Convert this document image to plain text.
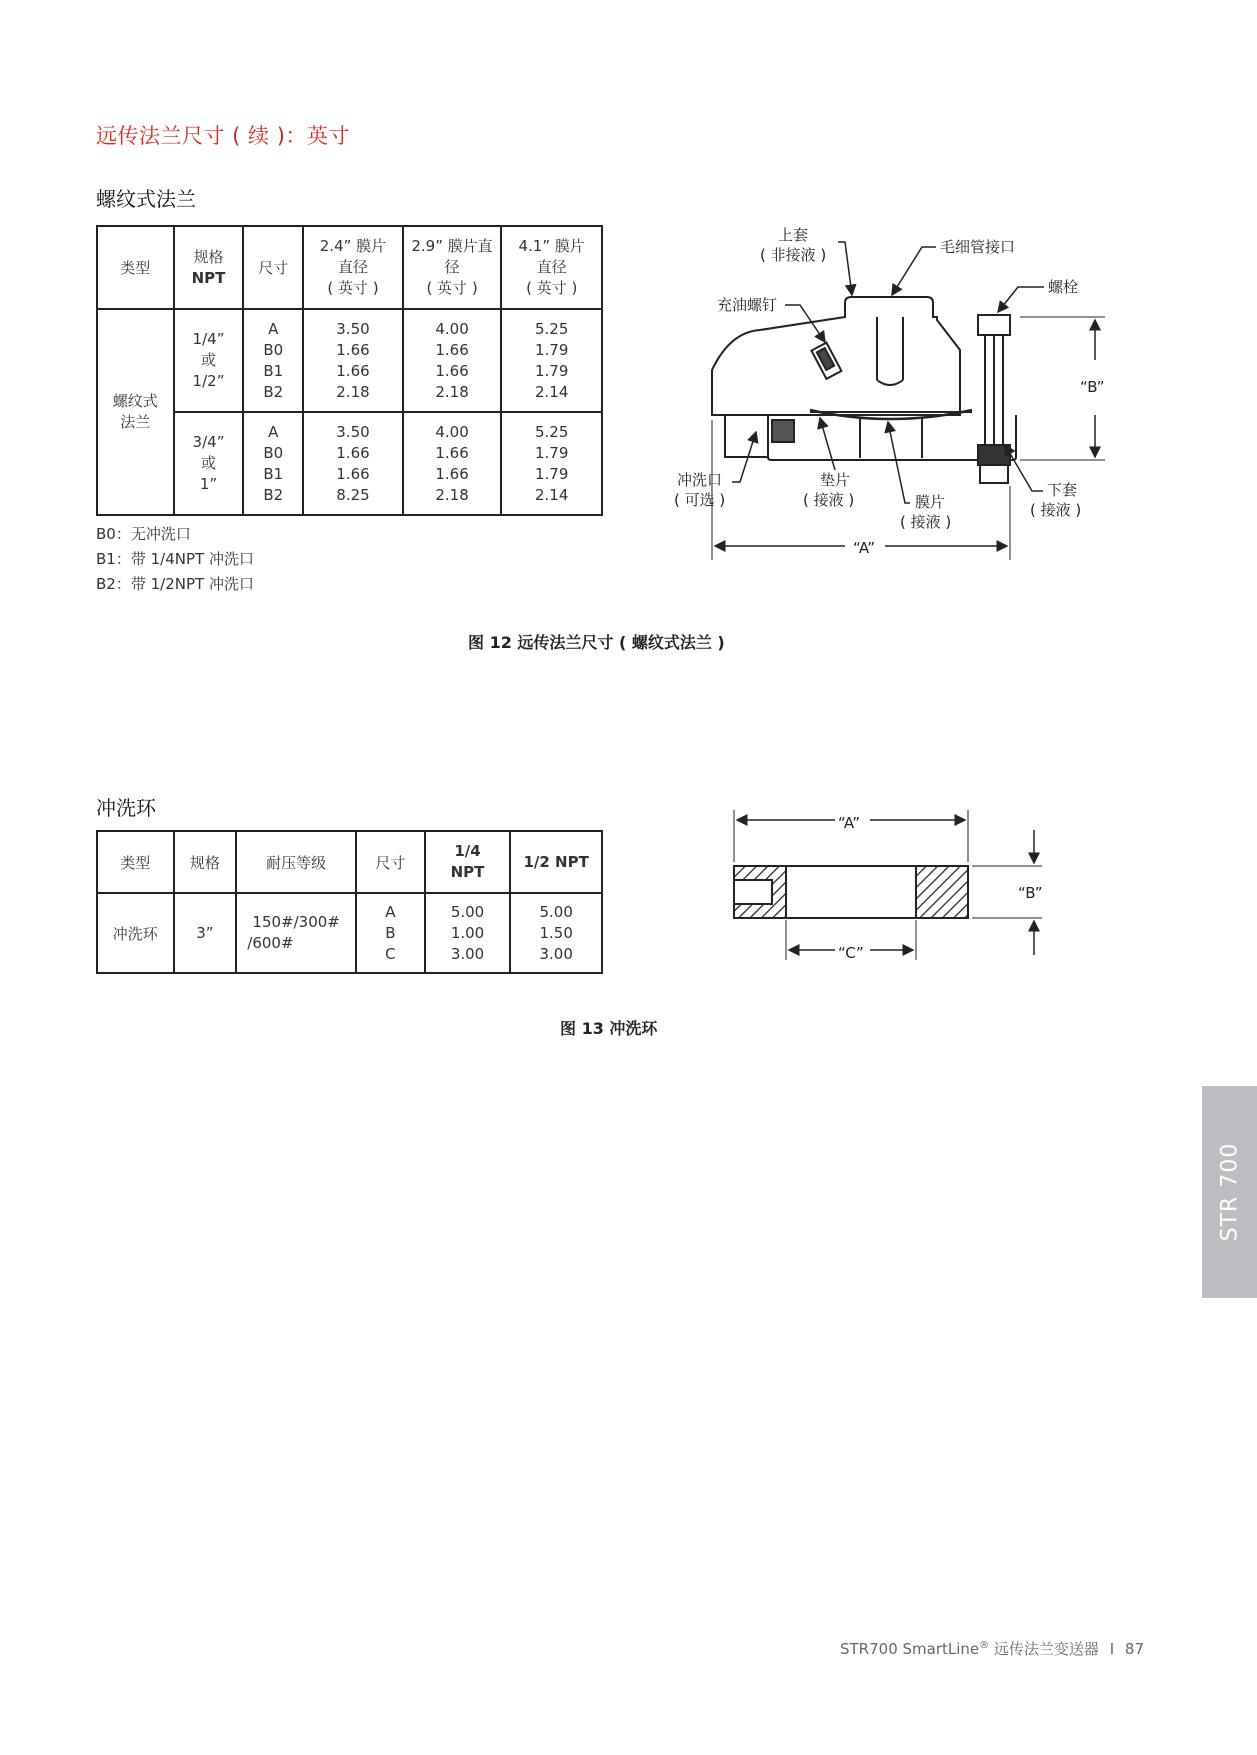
远传法兰尺寸 ( 续 )：英寸
螺纹式法兰
类型	规格
NPT	尺寸	2.4” 膜片
直径
( 英寸 )	2.9” 膜片直
径
( 英寸 )	4.1” 膜片
直径
( 英寸 )

螺纹式
法兰	1/4”
或
1/2”	A
B0
B1
B2	3.50
1.66
1.66
2.18	4.00
1.66
1.66
2.18	5.25
1.79
1.79
2.14

	3/4”
或
1”	A
B0
B1
B2	3.50
1.66
1.66
8.25	4.00
1.66
1.66
2.18	5.25
1.79
1.79
2.14
B0：无冲洗口
B1：带 1/4NPT 冲洗口
B2：带 1/2NPT 冲洗口
上套
( 非接液 )	毛细管接口
充油螺钉
螺栓
“B”
冲洗口
( 可选 )
垫片
( 接液 )	膜片
( 接液 )
下套
( 接液 )
“A”
图 12 远传法兰尺寸 ( 螺纹式法兰 )
冲洗环
类型	规格	耐压等级	尺寸	1/4
NPT	1/2 NPT
冲洗环	3”	150#/300#
/600#	A
B
C	5.00
1.00
3.00	5.00
1.50
3.00
“A”
“B”
“C”
图 13 冲洗环
STR 700
STR700 SmartLine® 远传法兰变送器 I 87
